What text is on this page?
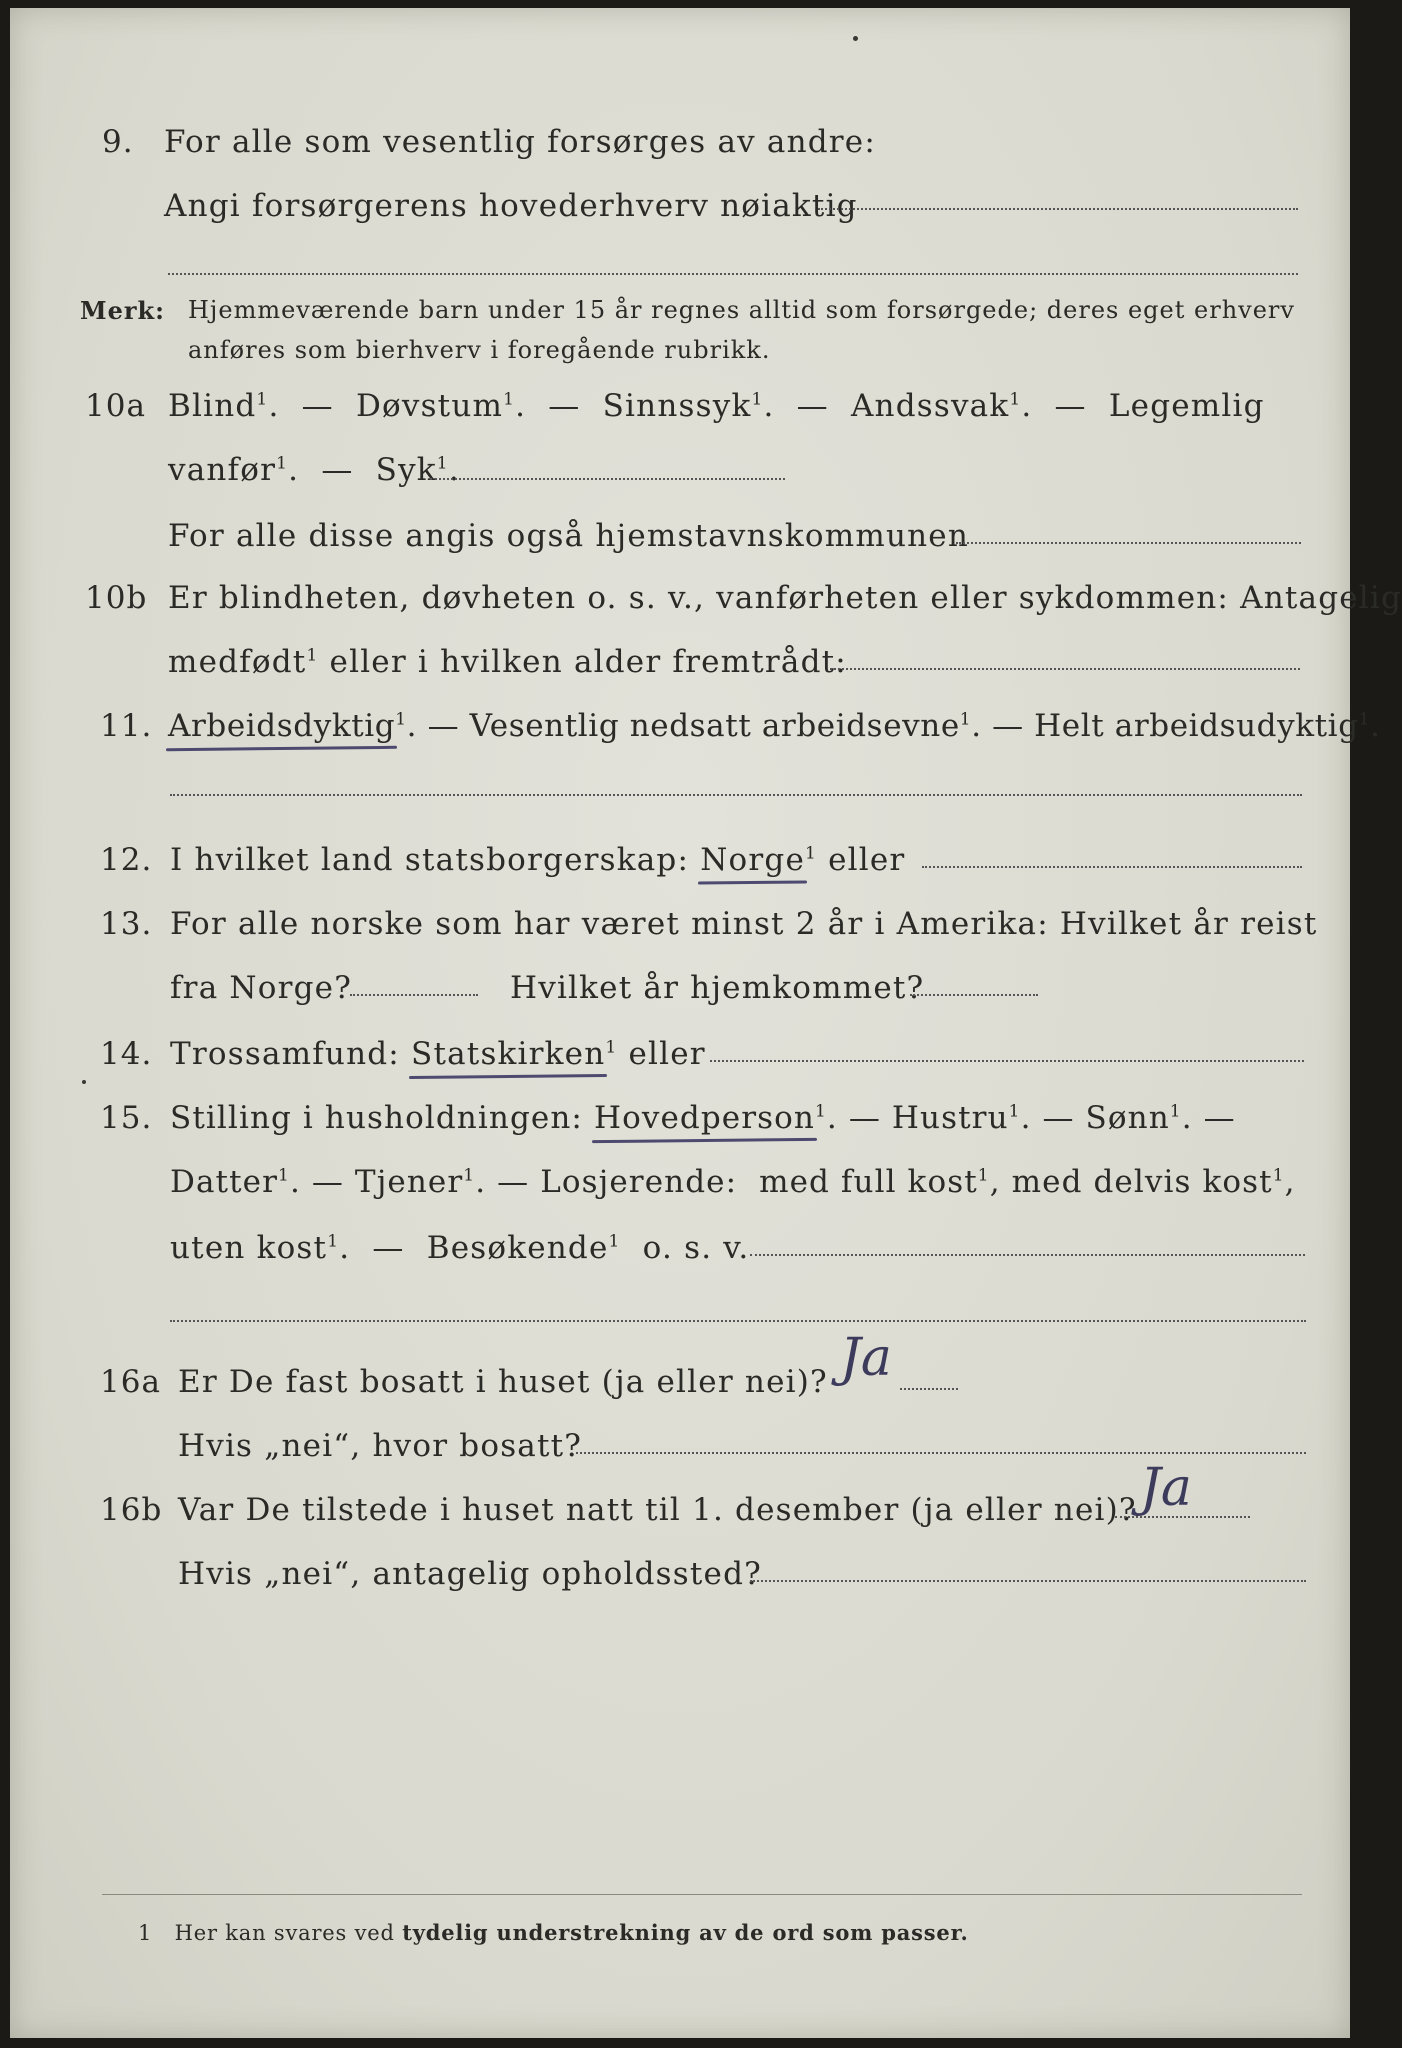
9. For alle som vesentlig forsørges av andre:
Angi forsørgerens hovederhverv nøiaktig
Merk: Hjemmeværende barn under 15 år regnes alltid som forsørgede; deres eget erhverv
anføres som bierhverv i foregående rubrikk.
10a Blind$^1$.  —  Døvstum$^1$.  —  Sinnssyk$^1$.  —  Andssvak$^1$.  —  Legemlig
vanfør$^1$.  —  Syk$^1$.
For alle disse angis også hjemstavnskommunen
10b Er blindheten, døvheten o. s. v., vanførheten eller sykdommen: Antagelig
medfødt$^1$ eller i hvilken alder fremtrådt:
11. Arbeidsdyktig$^1$. — Vesentlig nedsatt arbeidsevne$^1$. — Helt arbeidsudyktig$^1$.
12. I hvilket land statsborgerskap: Norge$^1$ eller
13. For alle norske som har været minst 2 år i Amerika: Hvilket år reist
fra Norge?	Hvilket år hjemkommet?
14. Trossamfund: Statskirken$^1$ eller
15. Stilling i husholdningen: Hovedperson$^1$. — Hustru$^1$. — Sønn$^1$. —
Datter$^1$. — Tjener$^1$. — Losjerende: med full kost$^1$, med delvis kost$^1$,
uten kost$^1$.  —  Besøkende$^1$ o. s. v.
16a Er De fast bosatt i huset (ja eller nei)? Ja
Hvis „nei“, hvor bosatt?
16b Var De tilstede i huset natt til 1. desember (ja eller nei)? Ja
Hvis „nei“, antagelig opholdssted?
1 Her kan svares ved tydelig understrekning av de ord som passer.
